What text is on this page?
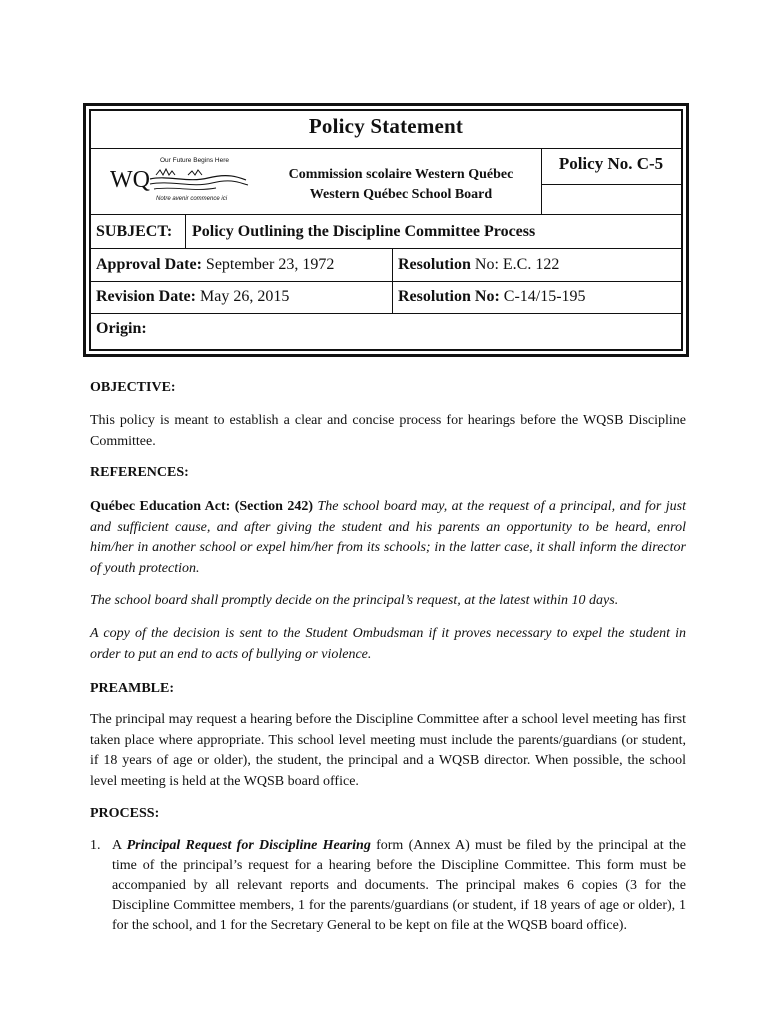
Policy Statement
Our Future Begins Here
WQ
Notre avenir commence ici
Commission scolaire Western Québec
Western Québec School Board
Policy No. C-5
SUBJECT: Policy Outlining the Discipline Committee Process
Approval Date: September 23, 1972	Resolution No: E.C. 122
Revision Date: May 26, 2015	Resolution No: C-14/15-195
Origin:
OBJECTIVE:
This policy is meant to establish a clear and concise process for hearings before the WQSB Discipline Committee.
REFERENCES:
Québec Education Act: (Section 242) The school board may, at the request of a principal, and for just and sufficient cause, and after giving the student and his parents an opportunity to be heard, enrol him/her in another school or expel him/her from its schools; in the latter case, it shall inform the director of youth protection.
The school board shall promptly decide on the principal’s request, at the latest within 10 days.
A copy of the decision is sent to the Student Ombudsman if it proves necessary to expel the student in order to put an end to acts of bullying or violence.
PREAMBLE:
The principal may request a hearing before the Discipline Committee after a school level meeting has first taken place where appropriate. This school level meeting must include the parents/guardians (or student, if 18 years of age or older), the student, the principal and a WQSB director. When possible, the school level meeting is held at the WQSB board office.
PROCESS:
1. A Principal Request for Discipline Hearing form (Annex A) must be filed by the principal at the time of the principal’s request for a hearing before the Discipline Committee. This form must be accompanied by all relevant reports and documents. The principal makes 6 copies (3 for the Discipline Committee members, 1 for the parents/guardians (or student, if 18 years of age or older), 1 for the school, and 1 for the Secretary General to be kept on file at the WQSB board office).
